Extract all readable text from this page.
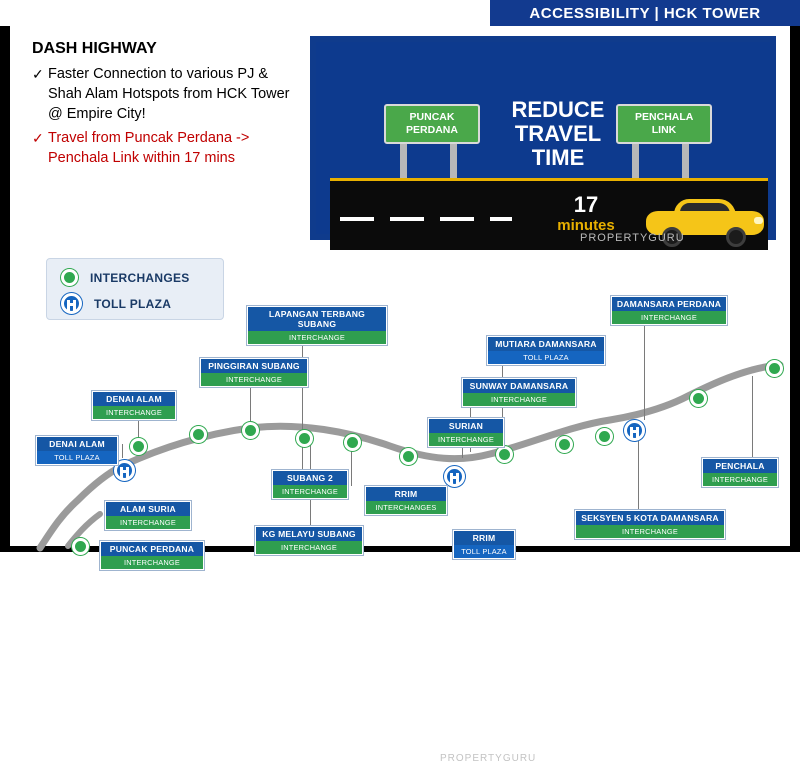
ACCESSIBILITY | HCK TOWER
DASH HIGHWAY
✓ Faster Connection to various PJ & Shah Alam Hotspots from HCK Tower @ Empire City!
✓ Travel from Puncak Perdana -> Penchala Link within 17 mins
PUNCAK PERDANA
PENCHALA LINK
REDUCE TRAVEL TIME
17
minutes
PROPERTYGURU
INTERCHANGES
TOLL PLAZA
DENAI ALAM
TOLL PLAZA
DENAI ALAM
INTERCHANGE
ALAM SURIA
INTERCHANGE
PUNCAK PERDANA
INTERCHANGE
PINGGIRAN SUBANG
INTERCHANGE
LAPANGAN TERBANG SUBANG
INTERCHANGE
SUBANG 2
INTERCHANGE
KG MELAYU SUBANG
INTERCHANGE
RRIM
INTERCHANGES
RRIM
TOLL PLAZA
SURIAN
INTERCHANGE
SUNWAY DAMANSARA
INTERCHANGE
MUTIARA DAMANSARA
TOLL PLAZA
DAMANSARA PERDANA
INTERCHANGE
SEKSYEN 5 KOTA DAMANSARA
INTERCHANGE
PENCHALA
INTERCHANGE
PROPERTYGURU
